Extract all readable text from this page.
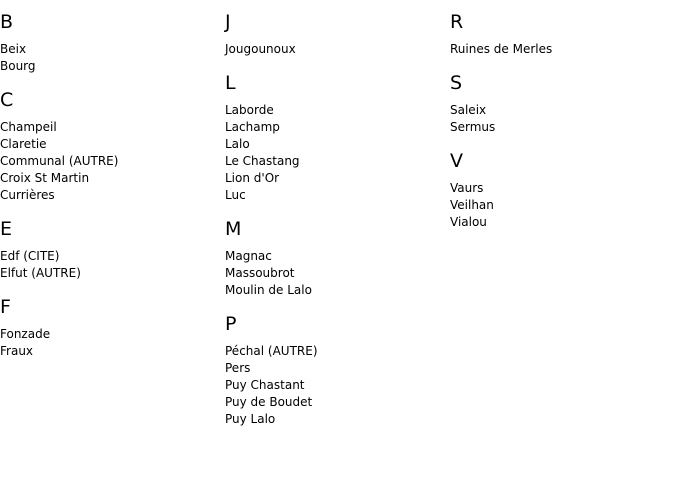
B
Beix
Bourg
C
Champeil
Claretie
Communal (AUTRE)
Croix St Martin
Currières
E
Edf (CITE)
Elfut (AUTRE)
F
Fonzade
Fraux
J
Jougounoux
L
Laborde
Lachamp
Lalo
Le Chastang
Lion d'Or
Luc
M
Magnac
Massoubrot
Moulin de Lalo
P
Péchal (AUTRE)
Pers
Puy Chastant
Puy de Boudet
Puy Lalo
R
Ruines de Merles
S
Saleix
Sermus
V
Vaurs
Veilhan
Vialou
